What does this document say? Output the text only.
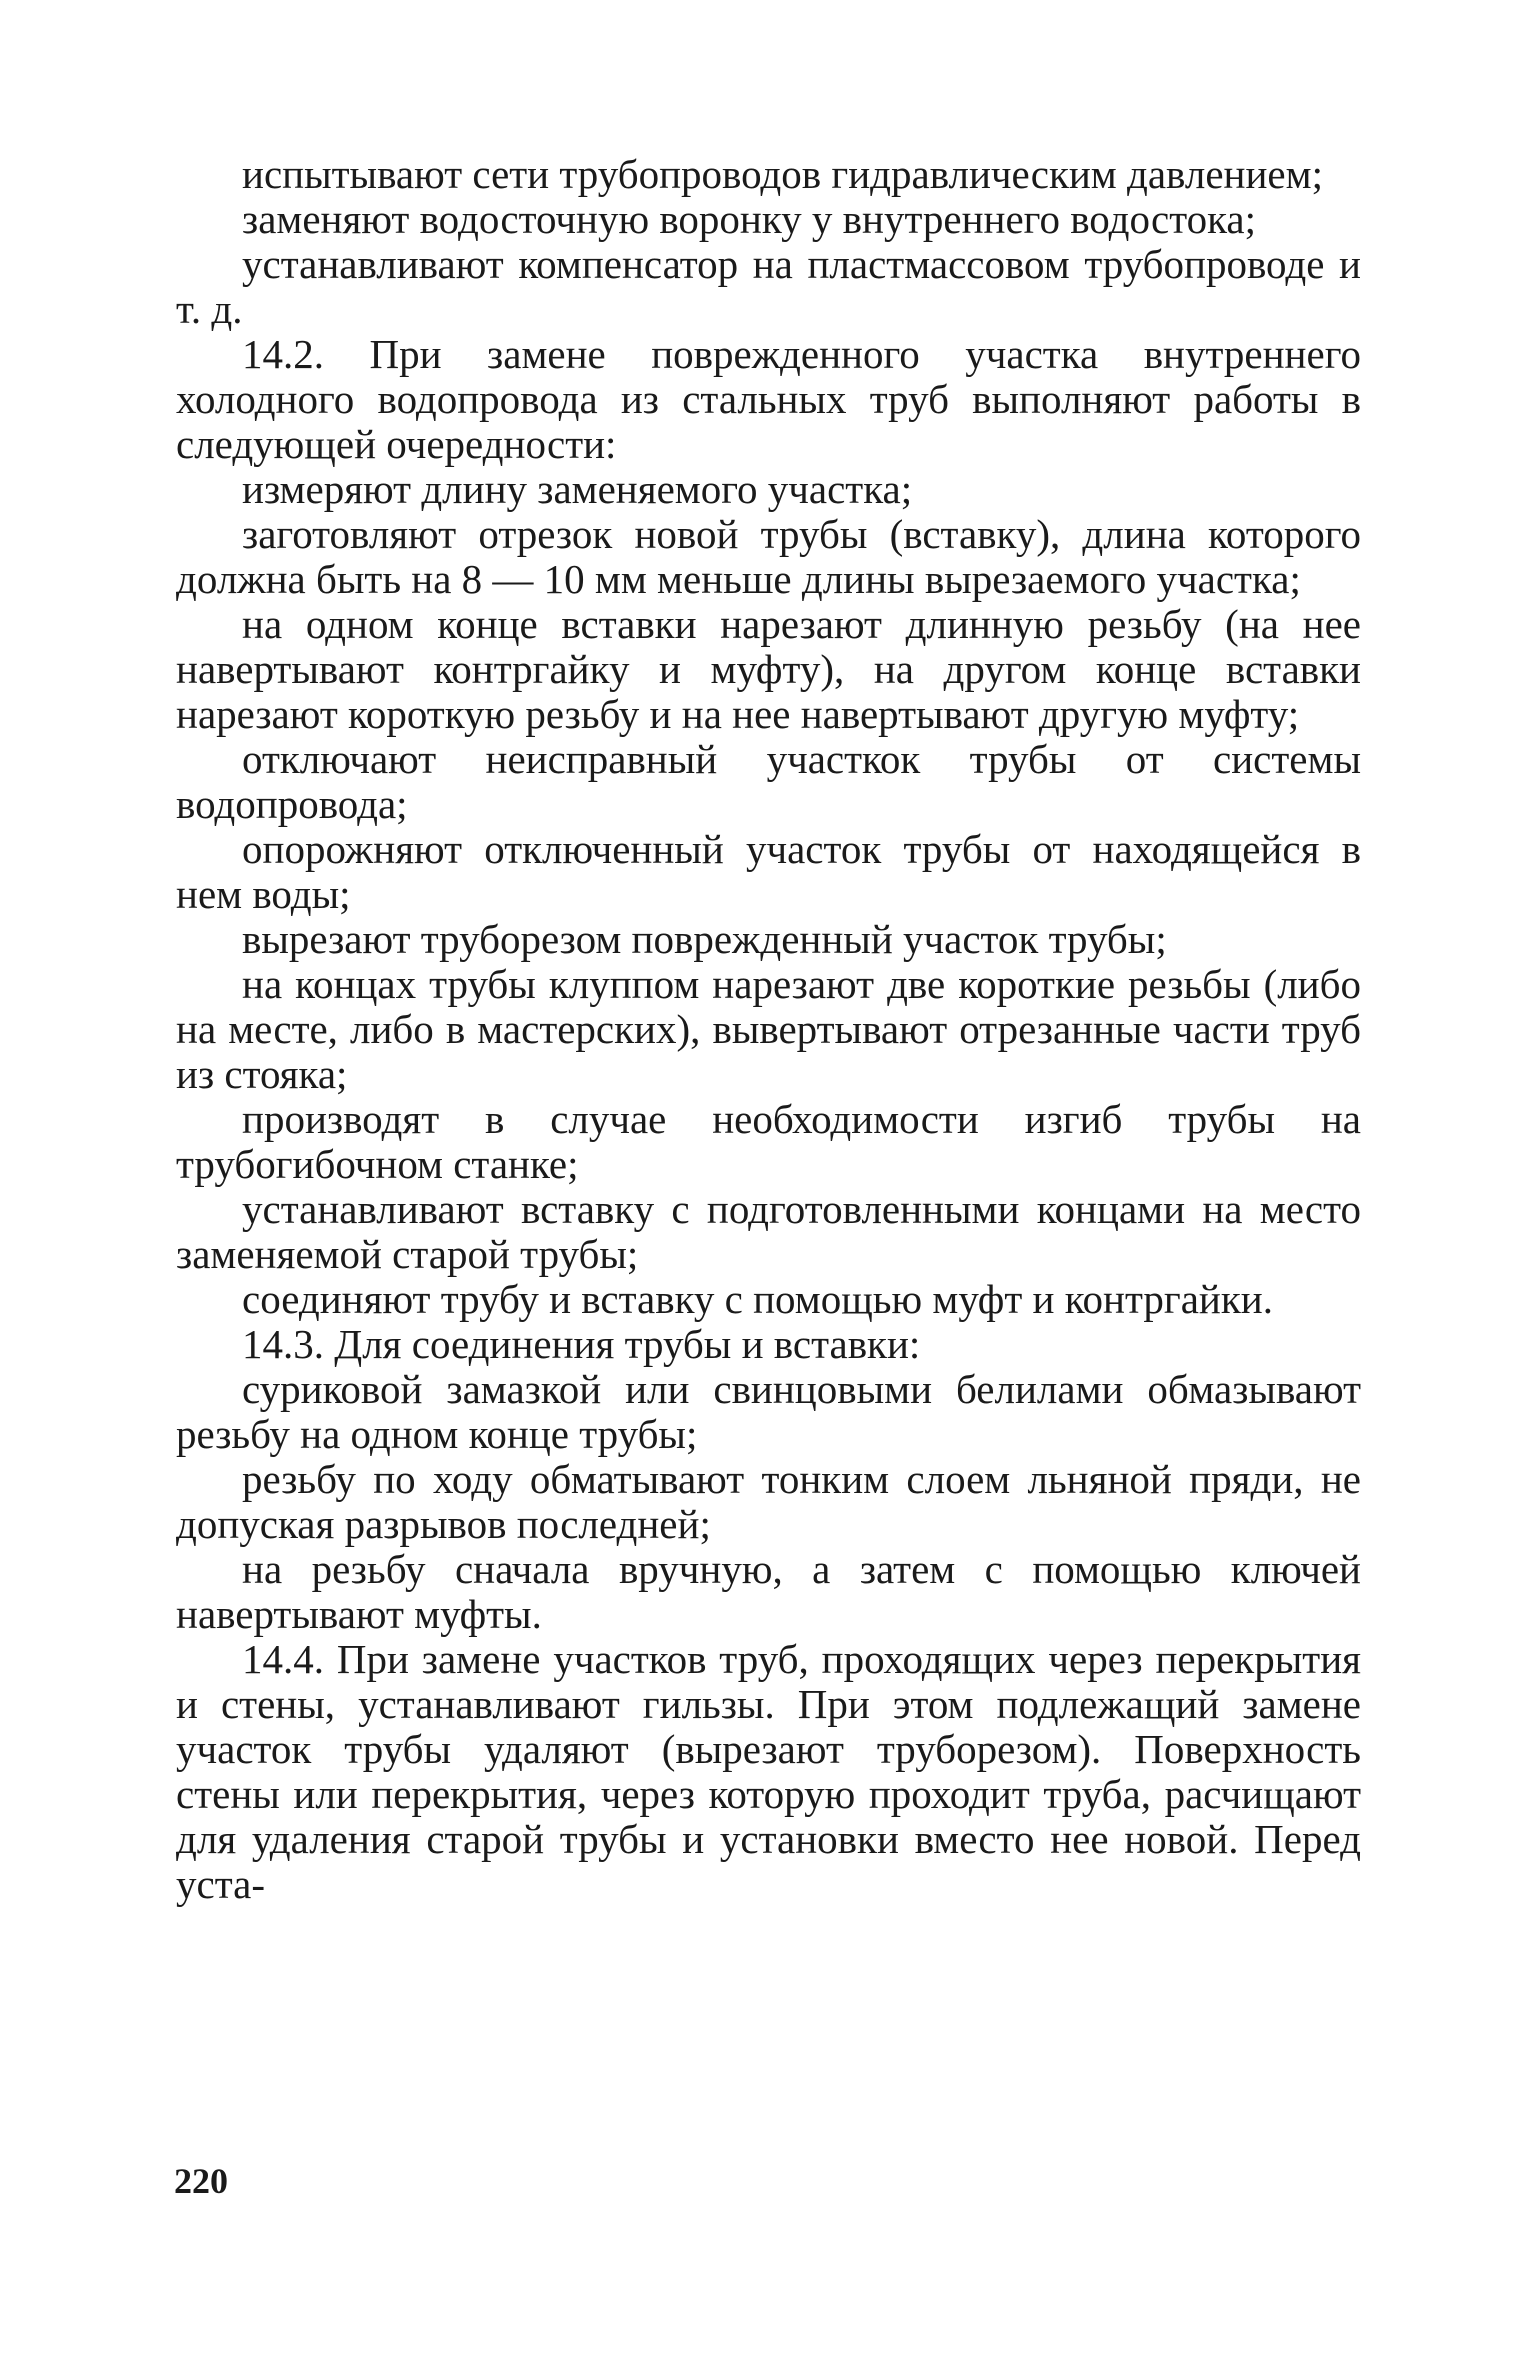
испытывают сети трубопроводов гидравлическим давлением;

заменяют водосточную воронку у внутреннего водостока;

устанавливают компенсатор на пластмассовом трубопроводе и т. д.

14.2. При замене поврежденного участка внутреннего холодного водопровода из стальных труб выполняют работы в следующей очередности:

измеряют длину заменяемого участка;

заготовляют отрезок новой трубы (вставку), длина которого должна быть на 8 — 10 мм меньше длины вырезаемого участка;

на одном конце вставки нарезают длинную резьбу (на нее навертывают контргайку и муфту), на другом конце вставки нарезают короткую резьбу и на нее навертывают другую муфту;

отключают неисправный участкок трубы от системы водопровода;

опорожняют отключенный участок трубы от находящейся в нем воды;

вырезают труборезом поврежденный участок трубы;

на концах трубы клуппом нарезают две короткие резьбы (либо на месте, либо в мастерских), вывертывают отрезанные части труб из стояка;

производят в случае необходимости изгиб трубы на трубогибочном станке;

устанавливают вставку с подготовленными концами на место заменяемой старой трубы;

соединяют трубу и вставку с помощью муфт и контргайки.

14.3. Для соединения трубы и вставки:

суриковой замазкой или свинцовыми белилами обмазывают резьбу на одном конце трубы;

резьбу по ходу обматывают тонким слоем льняной пряди, не допуская разрывов последней;

на резьбу сначала вручную, а затем с помощью ключей навертывают муфты.

14.4. При замене участков труб, проходящих через перекрытия и стены, устанавливают гильзы. При этом подлежащий замене участок трубы удаляют (вырезают труборезом). Поверхность стены или перекрытия, через которую проходит труба, расчищают для удаления старой трубы и установки вместо нее новой. Перед уста-

220
